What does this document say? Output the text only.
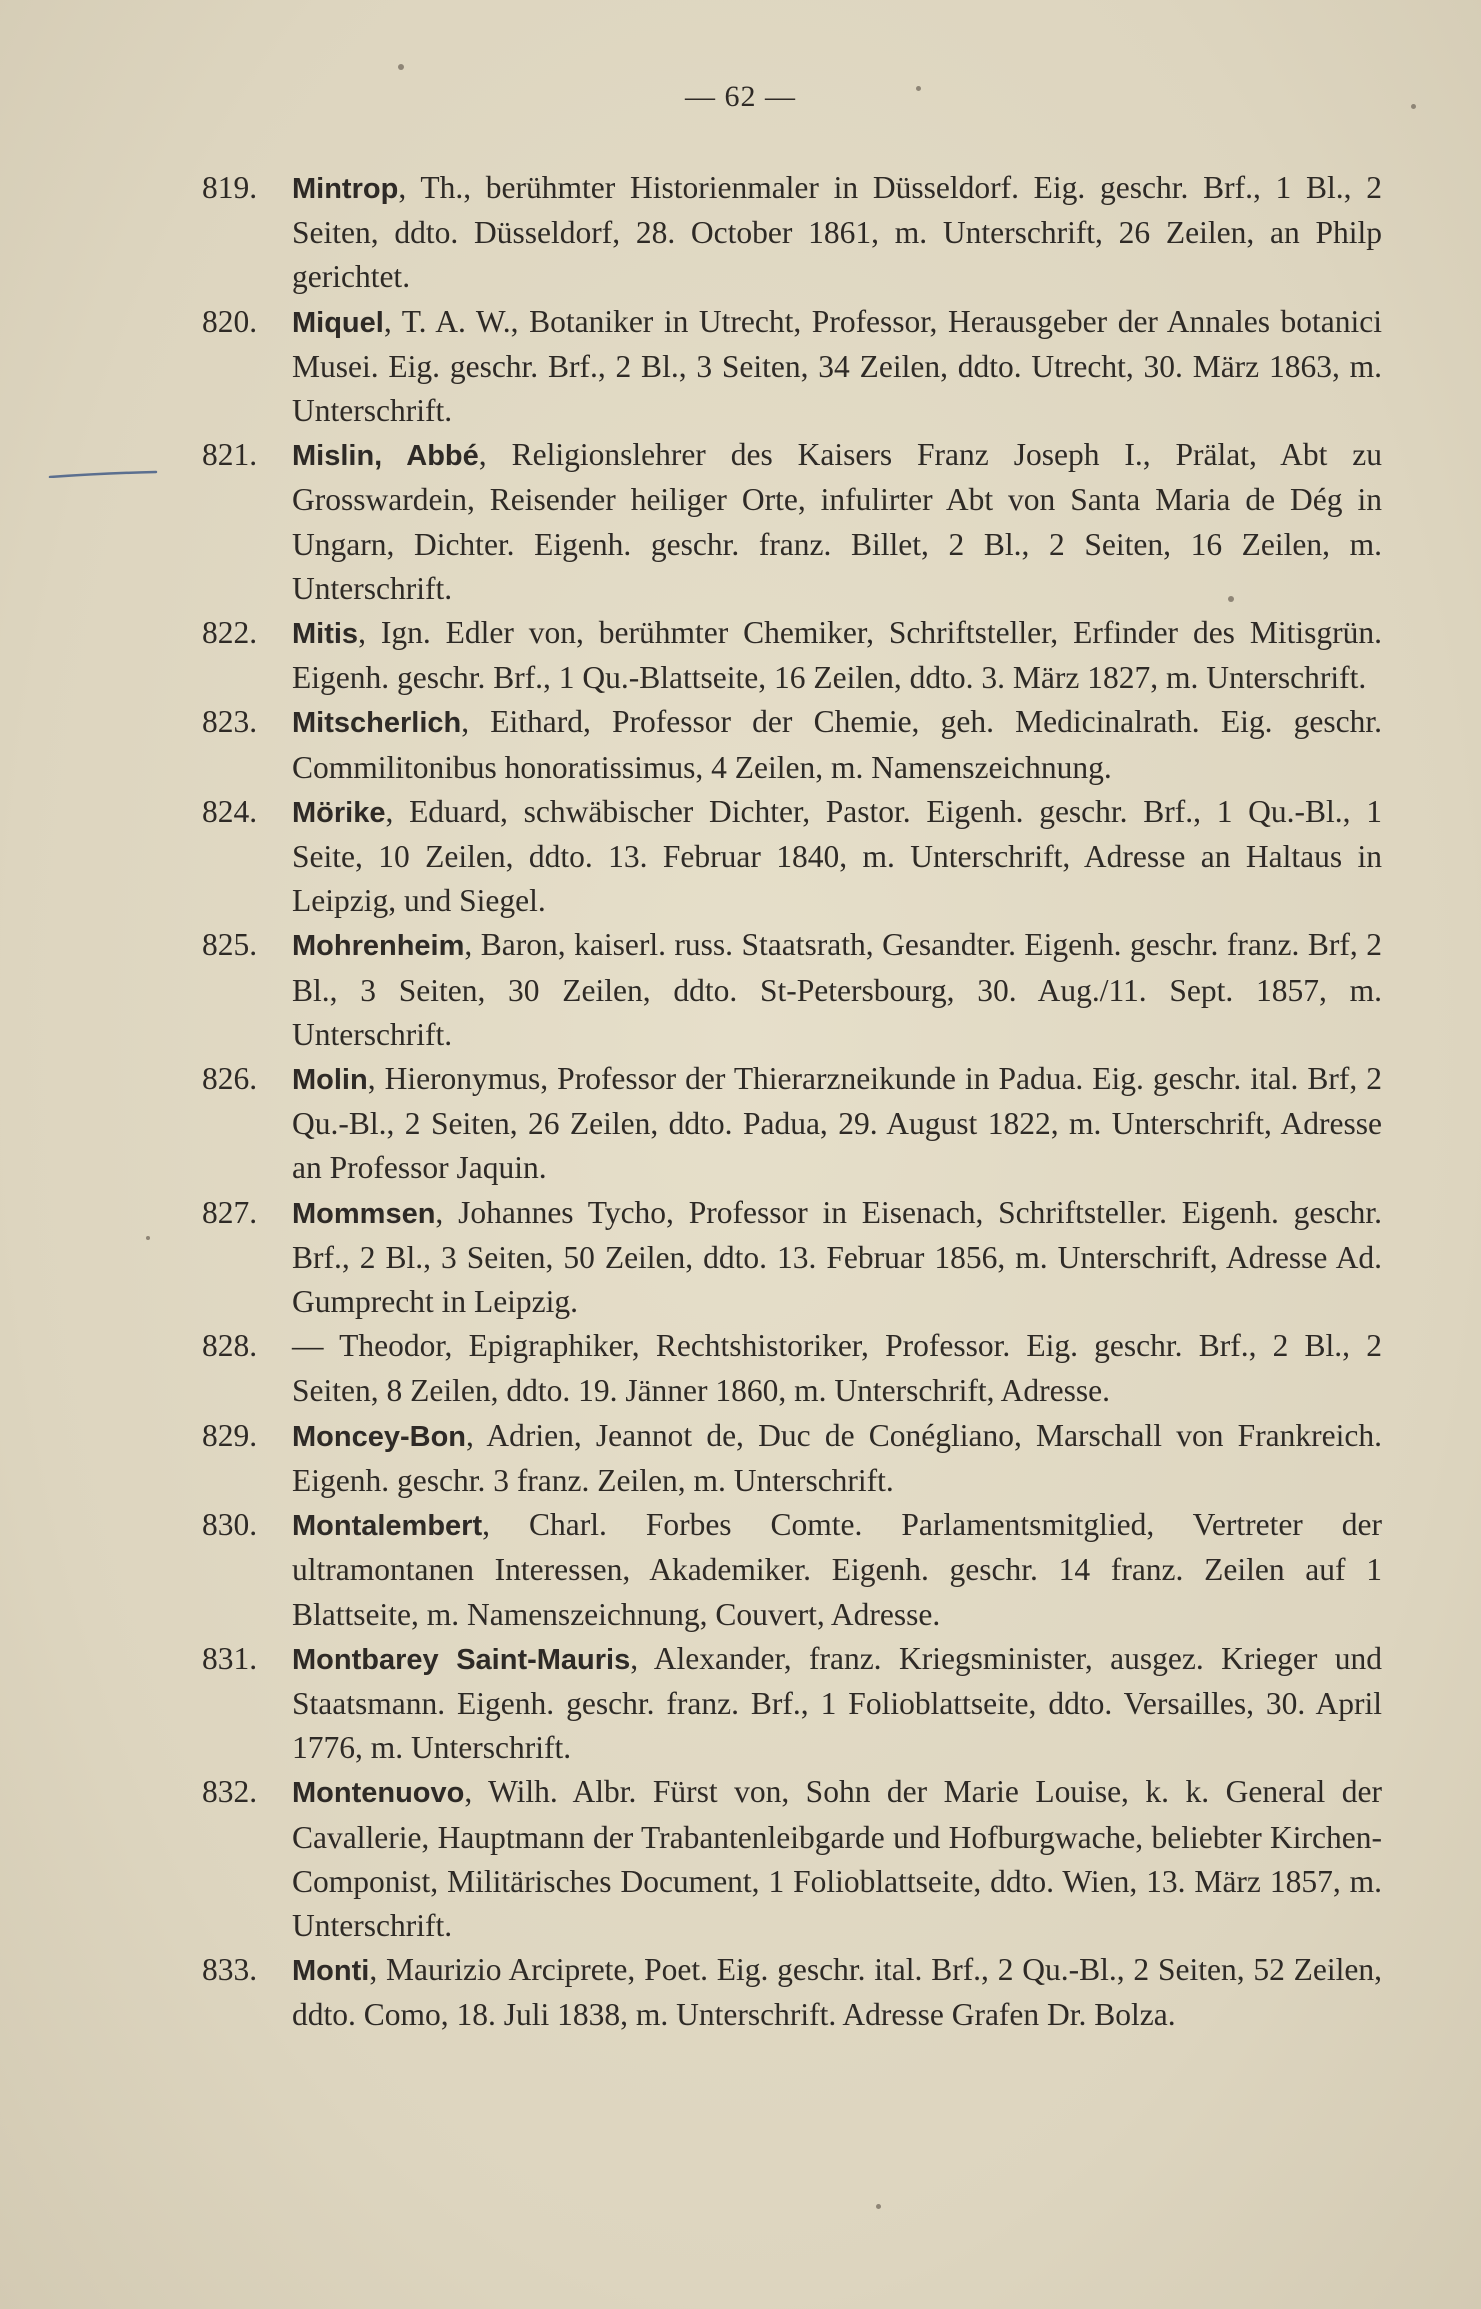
— 62 —
819.	Mintrop, Th., berühmter Historienmaler in Düsseldorf. Eig. geschr. Brf., 1 Bl., 2 Seiten, ddto. Düsseldorf, 28. October 1861, m. Unterschrift, 26 Zeilen, an Philp gerichtet.
820.	Miquel, T. A. W., Botaniker in Utrecht, Professor, Herausgeber der Annales botanici Musei. Eig. geschr. Brf., 2 Bl., 3 Seiten, 34 Zeilen, ddto. Utrecht, 30. März 1863, m. Unterschrift.
821.	Mislin, Abbé, Religionslehrer des Kaisers Franz Joseph I., Prälat, Abt zu Grosswardein, Reisender heiliger Orte, infulirter Abt von Santa Maria de Dég in Ungarn, Dichter. Eigenh. geschr. franz. Billet, 2 Bl., 2 Seiten, 16 Zeilen, m. Unterschrift.
822.	Mitis, Ign. Edler von, berühmter Chemiker, Schriftsteller, Erfinder des Mitisgrün. Eigenh. geschr. Brf., 1 Qu.-Blattseite, 16 Zeilen, ddto. 3. März 1827, m. Unterschrift.
823.	Mitscherlich, Eithard, Professor der Chemie, geh. Medicinalrath. Eig. geschr. Commilitonibus honoratissimus, 4 Zeilen, m. Namenszeichnung.
824.	Mörike, Eduard, schwäbischer Dichter, Pastor. Eigenh. geschr. Brf., 1 Qu.-Bl., 1 Seite, 10 Zeilen, ddto. 13. Februar 1840, m. Unterschrift, Adresse an Haltaus in Leipzig, und Siegel.
825.	Mohrenheim, Baron, kaiserl. russ. Staatsrath, Gesandter. Eigenh. geschr. franz. Brf, 2 Bl., 3 Seiten, 30 Zeilen, ddto. St-Petersbourg, 30. Aug./11. Sept. 1857, m. Unterschrift.
826.	Molin, Hieronymus, Professor der Thierarzneikunde in Padua. Eig. geschr. ital. Brf, 2 Qu.-Bl., 2 Seiten, 26 Zeilen, ddto. Padua, 29. August 1822, m. Unterschrift, Adresse an Professor Jaquin.
827.	Mommsen, Johannes Tycho, Professor in Eisenach, Schriftsteller. Eigenh. geschr. Brf., 2 Bl., 3 Seiten, 50 Zeilen, ddto. 13. Februar 1856, m. Unterschrift, Adresse Ad. Gumprecht in Leipzig.
828.	— Theodor, Epigraphiker, Rechtshistoriker, Professor. Eig. geschr. Brf., 2 Bl., 2 Seiten, 8 Zeilen, ddto. 19. Jänner 1860, m. Unterschrift, Adresse.
829.	Moncey-Bon, Adrien, Jeannot de, Duc de Conégliano, Marschall von Frankreich. Eigenh. geschr. 3 franz. Zeilen, m. Unterschrift.
830.	Montalembert, Charl. Forbes Comte. Parlamentsmitglied, Vertreter der ultramontanen Interessen, Akademiker. Eigenh. geschr. 14 franz. Zeilen auf 1 Blattseite, m. Namenszeichnung, Couvert, Adresse.
831.	Montbarey Saint-Mauris, Alexander, franz. Kriegsminister, ausgez. Krieger und Staatsmann. Eigenh. geschr. franz. Brf., 1 Folioblattseite, ddto. Versailles, 30. April 1776, m. Unterschrift.
832.	Montenuovo, Wilh. Albr. Fürst von, Sohn der Marie Louise, k. k. General der Cavallerie, Hauptmann der Trabantenleibgarde und Hofburgwache, beliebter Kirchen-Componist, Militärisches Document, 1 Folioblattseite, ddto. Wien, 13. März 1857, m. Unterschrift.
833.	Monti, Maurizio Arciprete, Poet. Eig. geschr. ital. Brf., 2 Qu.-Bl., 2 Seiten, 52 Zeilen, ddto. Como, 18. Juli 1838, m. Unterschrift. Adresse Grafen Dr. Bolza.
